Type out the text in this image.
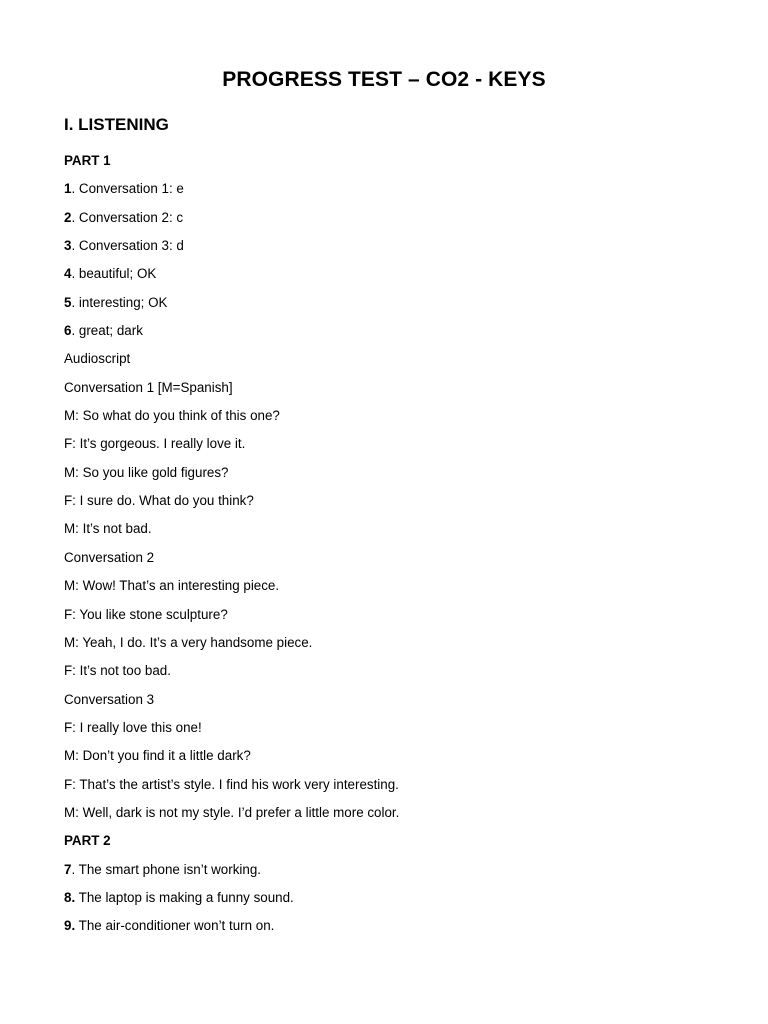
PROGRESS TEST – CO2 - KEYS
I. LISTENING
PART 1
1. Conversation 1: e
2. Conversation 2: c
3. Conversation 3: d
4. beautiful; OK
5. interesting; OK
6. great; dark
Audioscript
Conversation 1 [M=Spanish]
M: So what do you think of this one?
F: It’s gorgeous. I really love it.
M: So you like gold figures?
F: I sure do. What do you think?
M: It’s not bad.
Conversation 2
M: Wow! That’s an interesting piece.
F: You like stone sculpture?
M: Yeah, I do. It’s a very handsome piece.
F: It’s not too bad.
Conversation 3
F: I really love this one!
M: Don’t you find it a little dark?
F: That’s the artist’s style. I find his work very interesting.
M: Well, dark is not my style. I’d prefer a little more color.
PART 2
7. The smart phone isn’t working.
8. The laptop is making a funny sound.
9. The air-conditioner won’t turn on.
